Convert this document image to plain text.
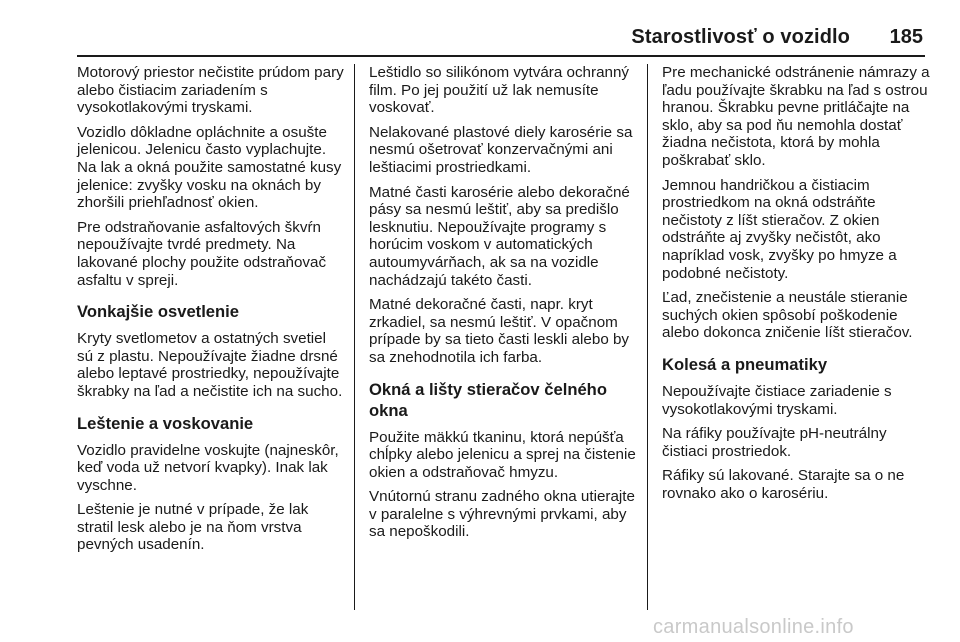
Starostlivosť o vozidlo 185

Motorový priestor nečistite prúdom pary alebo čistiacim zariadením s vysokotlakovými tryskami.

Vozidlo dôkladne opláchnite a osušte jelenicou. Jelenicu často vyplachujte. Na lak a okná použite samostatné kusy jelenice: zvyšky vosku na oknách by zhoršili priehľadnosť okien.

Pre odstraňovanie asfaltových škvŕn nepoužívajte tvrdé predmety. Na lakované plochy použite odstraňovač asfaltu v spreji.

Vonkajšie osvetlenie

Kryty svetlometov a ostatných svetiel sú z plastu. Nepoužívajte žiadne drsné alebo leptavé prostriedky, nepoužívajte škrabky na ľad a nečistite ich na sucho.

Leštenie a voskovanie

Vozidlo pravidelne voskujte (najneskôr, keď voda už netvorí kvapky). Inak lak vyschne.

Leštenie je nutné v prípade, že lak stratil lesk alebo je na ňom vrstva pevných usadenín.

Leštidlo so silikónom vytvára ochranný film. Po jej použití už lak nemusíte voskovať.

Nelakované plastové diely karosérie sa nesmú ošetrovať konzervačnými ani leštiacimi prostriedkami.

Matné časti karosérie alebo dekoračné pásy sa nesmú leštiť, aby sa predišlo lesknutiu. Nepoužívajte programy s horúcim voskom v automatických autoumyvárňach, ak sa na vozidle nachádzajú takéto časti.

Matné dekoračné časti, napr. kryt zrkadiel, sa nesmú leštiť. V opačnom prípade by sa tieto časti leskli alebo by sa znehodnotila ich farba.

Okná a lišty stieračov čelného okna

Použite mäkkú tkaninu, ktorá nepúšťa chĺpky alebo jelenicu a sprej na čistenie okien a odstraňovač hmyzu.

Vnútornú stranu zadného okna utierajte v paralelne s výhrevnými prvkami, aby sa nepoškodili.

Pre mechanické odstránenie námrazy a ľadu používajte škrabku na ľad s ostrou hranou. Škrabku pevne pritláčajte na sklo, aby sa pod ňu nemohla dostať žiadna nečistota, ktorá by mohla poškrabať sklo.

Jemnou handričkou a čistiacim prostriedkom na okná odstráňte nečistoty z líšt stieračov. Z okien odstráňte aj zvyšky nečistôt, ako napríklad vosk, zvyšky po hmyze a podobné nečistoty.

Ľad, znečistenie a neustále stieranie suchých okien spôsobí poškodenie alebo dokonca zničenie líšt stieračov.

Kolesá a pneumatiky

Nepoužívajte čistiace zariadenie s vysokotlakovými tryskami.

Na ráfiky používajte pH-neutrálny čistiaci prostriedok.

Ráfiky sú lakované. Starajte sa o ne rovnako ako o karosériu.

carmanualsonline.info
